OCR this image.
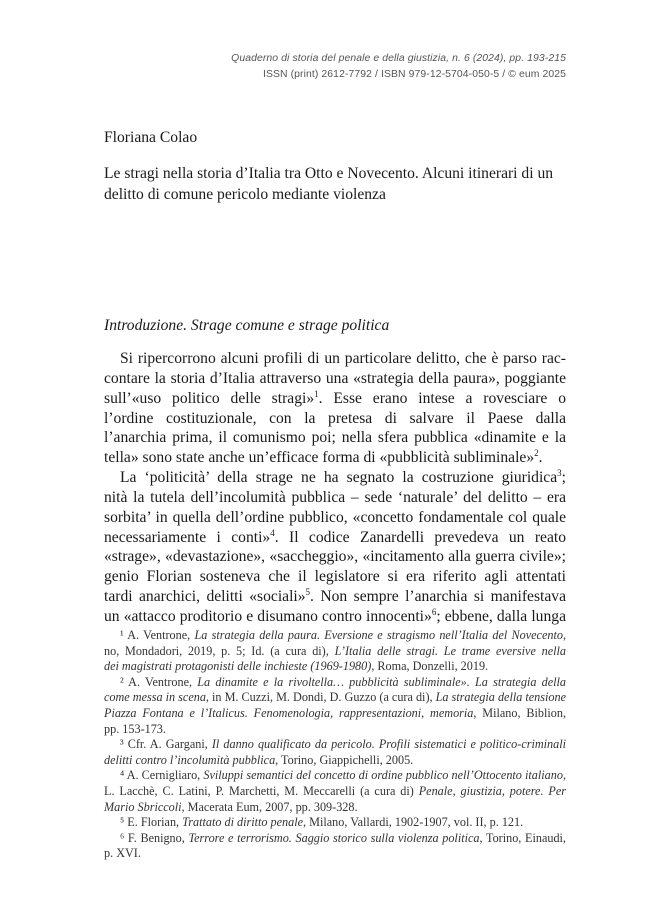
Quaderno di storia del penale e della giustizia, n. 6 (2024), pp. 193-215
ISSN (print) 2612-7792 / ISBN 979-12-5704-050-5 / © eum 2025
Floriana Colao
Le stragi nella storia d’Italia tra Otto e Novecento. Alcuni itinerari di un
delitto di comune pericolo mediante violenza
Introduzione. Strage comune e strage politica
Si ripercorrono alcuni profili di un particolare delitto, che è parso rac-
contare la storia d’Italia attraverso una «strategia della paura», poggiante
sull’«uso politico delle stragi»$^1$. Esse erano intese a rovesciare o
l’ordine costituzionale, con la pretesa di salvare il Paese dalla
l’anarchia prima, il comunismo poi; nella sfera pubblica «dinamite e la
tella» sono state anche un’efficace forma di «pubblicità subliminale»$^2$.
La ‘politicità’ della strage ne ha segnato la costruzione giuridica$^3$;
nità la tutela dell’incolumità pubblica – sede ‘naturale’ del delitto – era
sorbita’ in quella dell’ordine pubblico, «concetto fondamentale col quale
necessariamente i conti»$^4$. Il codice Zanardelli prevedeva un reato
«strage», «devastazione», «saccheggio», «incitamento alla guerra civile»;
genio Florian sosteneva che il legislatore si era riferito agli attentati
tardi anarchici, delitti «sociali»$^5$. Non sempre l’anarchia si manifestava
un «attacco proditorio e disumano contro innocenti»$^6$; ebbene, dalla lunga
¹ A. Ventrone, La strategia della paura. Eversione e stragismo nell’Italia del Novecento,
no, Mondadori, 2019, p. 5; Id. (a cura di), L’Italia delle stragi. Le trame eversive nella
dei magistrati protagonisti delle inchieste (1969-1980), Roma, Donzelli, 2019.
² A. Ventrone, La dinamite e la rivoltella… pubblicità subliminale». La strategia della
come messa in scena, in M. Cuzzi, M. Dondi, D. Guzzo (a cura di), La strategia della tensione
Piazza Fontana e l’Italicus. Fenomenologia, rappresentazioni, memoria, Milano, Biblion,
pp. 153-173.
³ Cfr. A. Gargani, Il danno qualificato da pericolo. Profili sistematici e politico-criminali
delitti contro l’incolumità pubblica, Torino, Giappichelli, 2005.
⁴ A. Cernigliaro, Sviluppi semantici del concetto di ordine pubblico nell’Ottocento italiano,
L. Lacchè, C. Latini, P. Marchetti, M. Meccarelli (a cura di) Penale, giustizia, potere. Per
Mario Sbriccoli, Macerata Eum, 2007, pp. 309-328.
⁵ E. Florian, Trattato di diritto penale, Milano, Vallardi, 1902-1907, vol. II, p. 121.
⁶ F. Benigno, Terrore e terrorismo. Saggio storico sulla violenza politica, Torino, Einaudi,
p. XVI.
